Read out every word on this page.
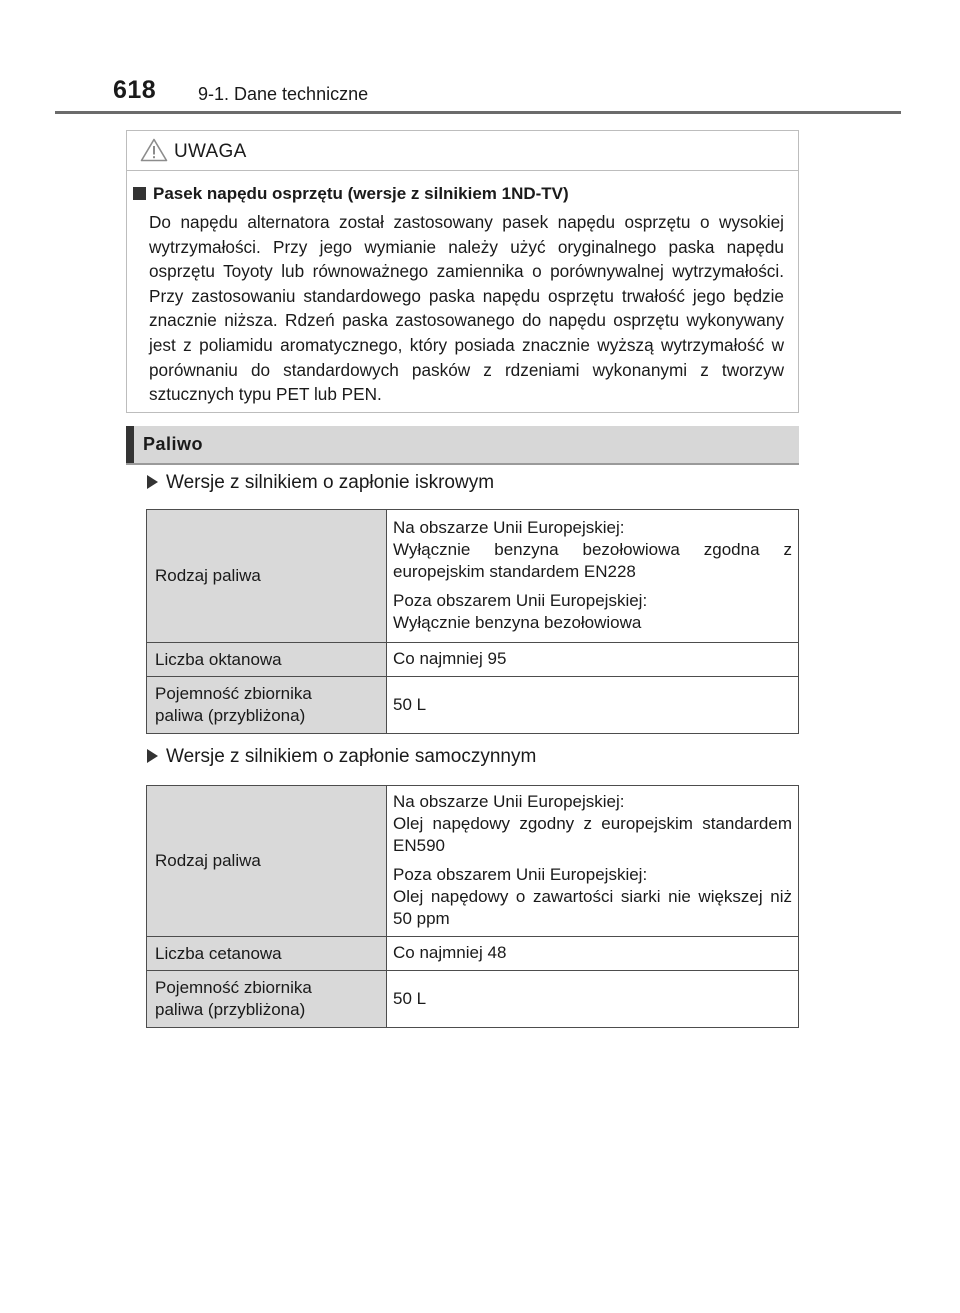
618 9-1. Dane techniczne
UWAGA
Pasek napędu osprzętu (wersje z silnikiem 1ND-TV)
Do napędu alternatora został zastosowany pasek napędu osprzętu o wysokiej wytrzymałości. Przy jego wymianie należy użyć oryginalnego paska napędu osprzętu Toyoty lub równoważnego zamiennika o porównywalnej wytrzymałości. Przy zastosowaniu standardowego paska napędu osprzętu trwałość jego będzie znacznie niższa. Rdzeń paska zastosowanego do napędu osprzętu wykonywany jest z poliamidu aromatycznego, który posiada znacznie wyższą wytrzymałość w porównaniu do standardowych pasków z rdzeniami wykonanymi z tworzyw sztucznych typu PET lub PEN.
Paliwo
Wersje z silnikiem o zapłonie iskrowym
Rodzaj paliwa	Na obszarze Unii Europejskiej:
Wyłącznie benzyna bezołowiowa zgodna z europejskim standardem EN228

Poza obszarem Unii Europejskiej:
Wyłącznie benzyna bezołowiowa

Liczba oktanowa	Co najmniej 95
Pojemność zbiornika
paliwa (przybliżona)	50 L
Wersje z silnikiem o zapłonie samoczynnym
Rodzaj paliwa	Na obszarze Unii Europejskiej:
Olej napędowy zgodny z europejskim standardem EN590

Poza obszarem Unii Europejskiej:
Olej napędowy o zawartości siarki nie większej niż 50 ppm

Liczba cetanowa	Co najmniej 48
Pojemność zbiornika
paliwa (przybliżona)	50 L
